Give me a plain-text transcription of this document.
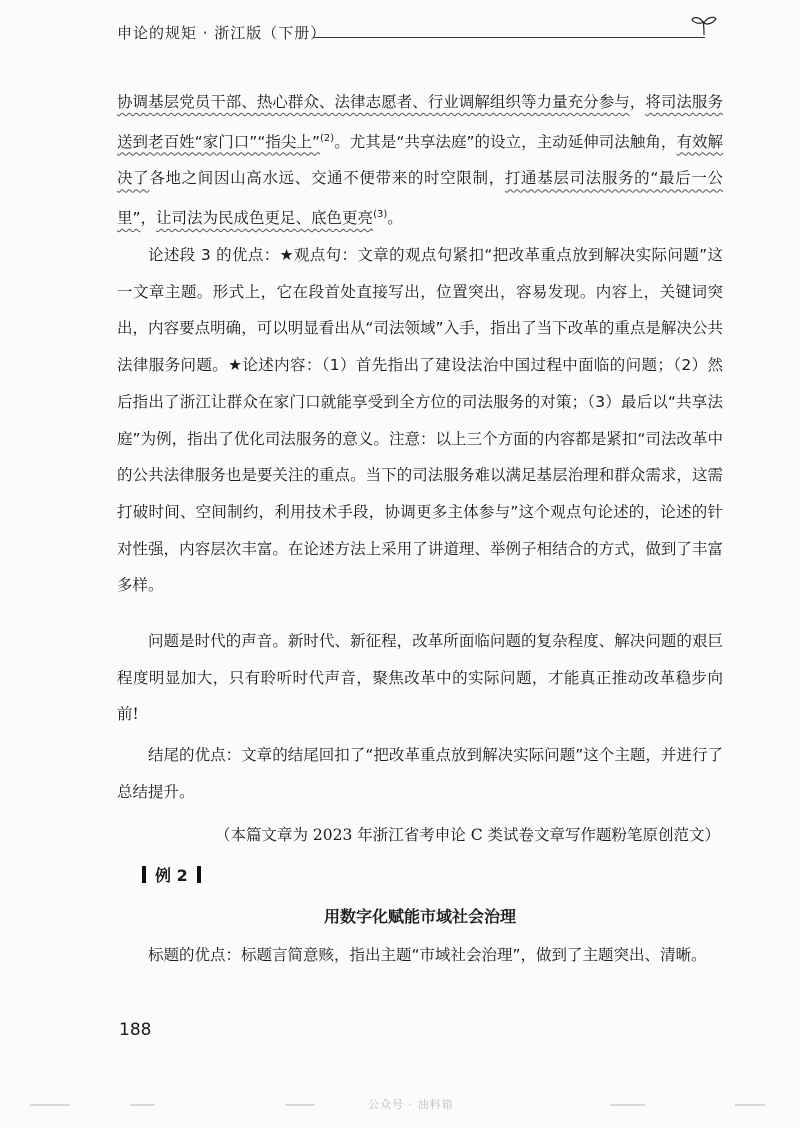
申论的规矩 · 浙江版（下册）

协调基层党员干部、热心群众、法律志愿者、行业调解组织等力量充分参与，将司法服务送到老百姓“家门口”“指尖上”$^{(2)}$。尤其是“共享法庭”的设立，主动延伸司法触角，有效解决了各地之间因山高水远、交通不便带来的时空限制，打通基层司法服务的“最后一公里”，让司法为民成色更足、底色更亮$^{(3)}$。

论述段 3 的优点：★观点句：文章的观点句紧扣“把改革重点放到解决实际问题”这一文章主题。形式上，它在段首处直接写出，位置突出，容易发现。内容上，关键词突出，内容要点明确，可以明显看出从“司法领域”入手，指出了当下改革的重点是解决公共法律服务问题。★论述内容：（1）首先指出了建设法治中国过程中面临的问题；（2）然后指出了浙江让群众在家门口就能享受到全方位的司法服务的对策；（3）最后以“共享法庭”为例，指出了优化司法服务的意义。注意：以上三个方面的内容都是紧扣“司法改革中的公共法律服务也是要关注的重点。当下的司法服务难以满足基层治理和群众需求，这需打破时间、空间制约，利用技术手段，协调更多主体参与”这个观点句论述的，论述的针对性强，内容层次丰富。在论述方法上采用了讲道理、举例子相结合的方式，做到了丰富多样。

问题是时代的声音。新时代、新征程，改革所面临问题的复杂程度、解决问题的艰巨程度明显加大，只有聆听时代声音，聚焦改革中的实际问题，才能真正推动改革稳步向前!

结尾的优点：文章的结尾回扣了“把改革重点放到解决实际问题”这个主题，并进行了总结提升。

（本篇文章为 2023 年浙江省考申论 C 类试卷文章写作题粉笔原创范文）
例 2
用数字化赋能市域社会治理

标题的优点：标题言简意赅，指出主题“市域社会治理”，做到了主题突出、清晰。

188
公众号 · 油料箱
